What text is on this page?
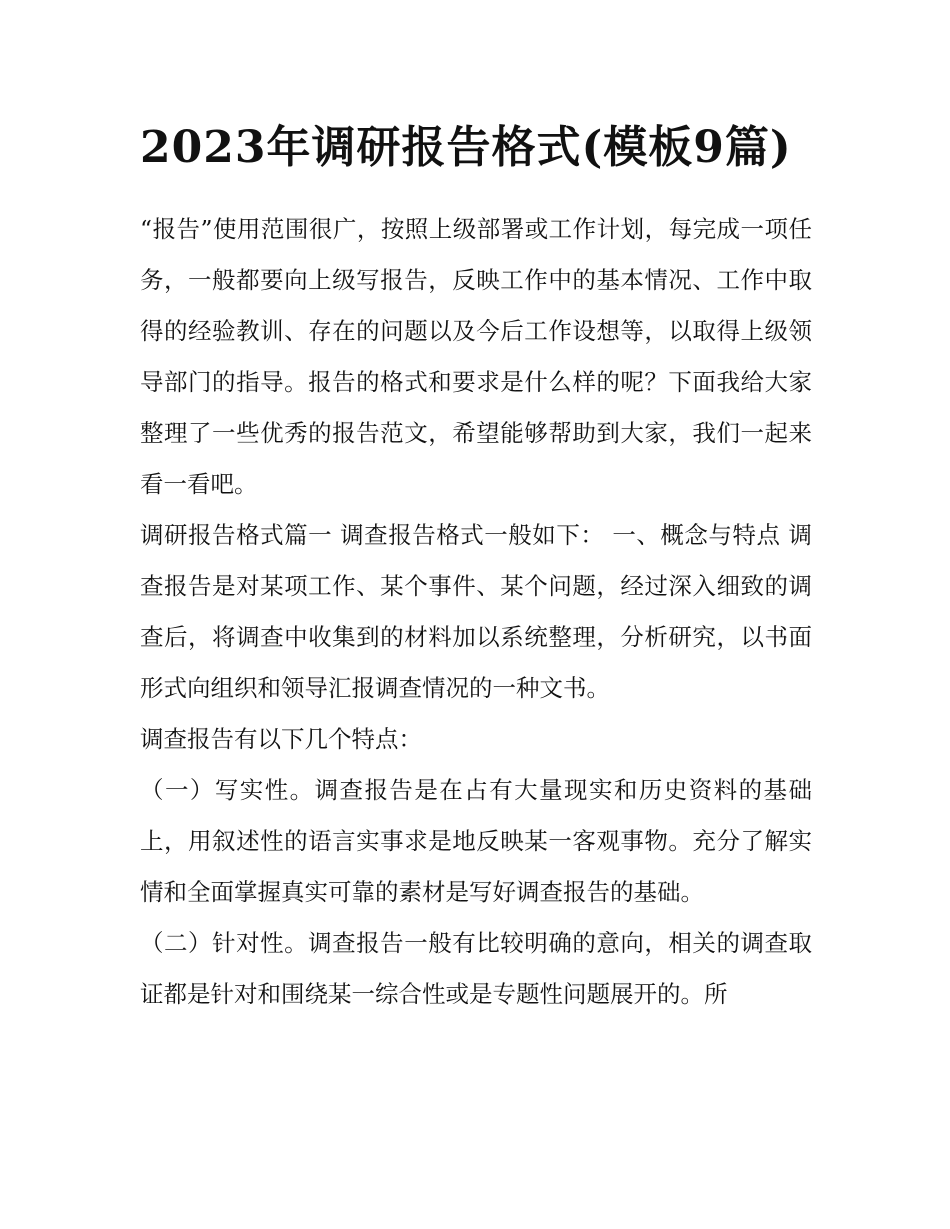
2023年调研报告格式(模板9篇)

“报告”使用范围很广，按照上级部署或工作计划，每完成一项任务，一般都要向上级写报告，反映工作中的基本情况、工作中取得的经验教训、存在的问题以及今后工作设想等，以取得上级领导部门的指导。报告的格式和要求是什么样的呢？下面我给大家整理了一些优秀的报告范文，希望能够帮助到大家，我们一起来看一看吧。

调研报告格式篇一 调查报告格式一般如下： 一、概念与特点 调查报告是对某项工作、某个事件、某个问题，经过深入细致的调查后，将调查中收集到的材料加以系统整理，分析研究，以书面形式向组织和领导汇报调查情况的一种文书。

调查报告有以下几个特点：

（一）写实性。调查报告是在占有大量现实和历史资料的基础上，用叙述性的语言实事求是地反映某一客观事物。充分了解实情和全面掌握真实可靠的素材是写好调查报告的基础。

（二）针对性。调查报告一般有比较明确的意向，相关的调查取证都是针对和围绕某一综合性或是专题性问题展开的。所
